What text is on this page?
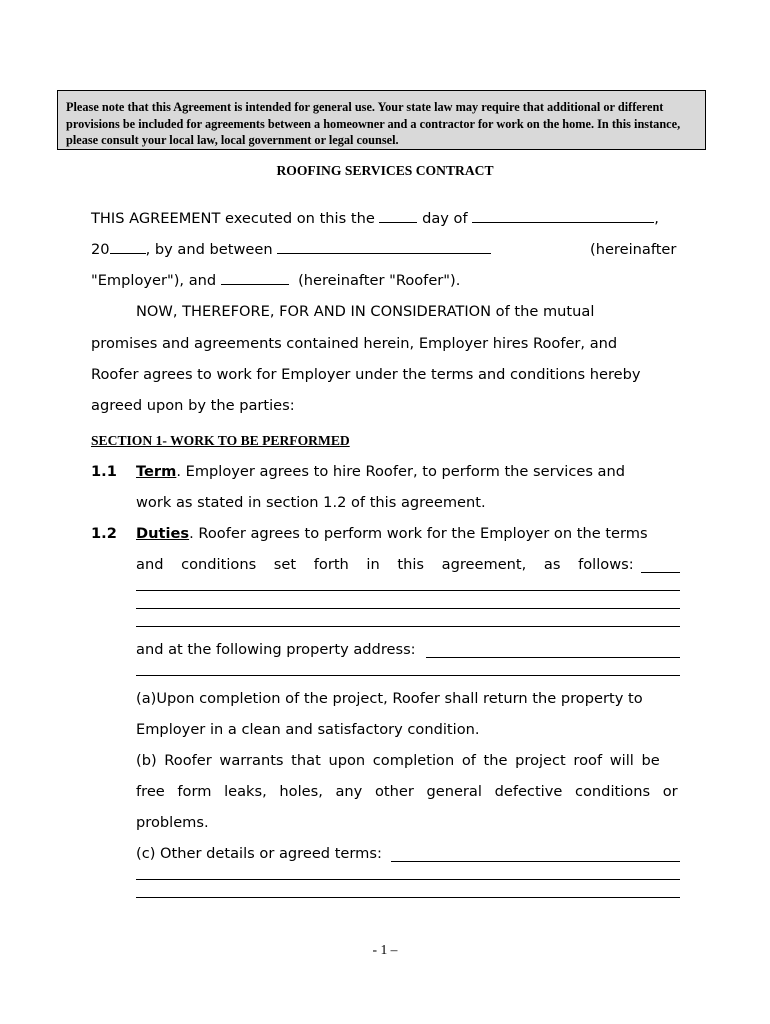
Please note that this Agreement is intended for general use. Your state law may require that additional or different provisions be included for agreements between a homeowner and a contractor for work on the home. In this instance, please consult your local law, local government or legal counsel.
ROOFING SERVICES CONTRACT
THIS AGREEMENT executed on this the	day of	,
20 , by and between	(hereinafter
"Employer"), and	(hereinafter "Roofer").
NOW, THEREFORE, FOR AND IN CONSIDERATION of the mutual
promises and agreements contained herein, Employer hires Roofer, and
Roofer agrees to work for Employer under the terms and conditions hereby
agreed upon by the parties:
SECTION 1- WORK TO BE PERFORMED
1.1 Term. Employer agrees to hire Roofer, to perform the services and
work as stated in section 1.2 of this agreement.
1.2 Duties. Roofer agrees to perform work for the Employer on the terms
and conditions set forth in this agreement, as follows:
and at the following property address:
(a)Upon completion of the project, Roofer shall return the property to
Employer in a clean and satisfactory condition.
(b) Roofer warrants that upon completion of the project roof will be
free form leaks, holes, any other general defective conditions or
problems.
(c) Other details or agreed terms:
- 1 –
